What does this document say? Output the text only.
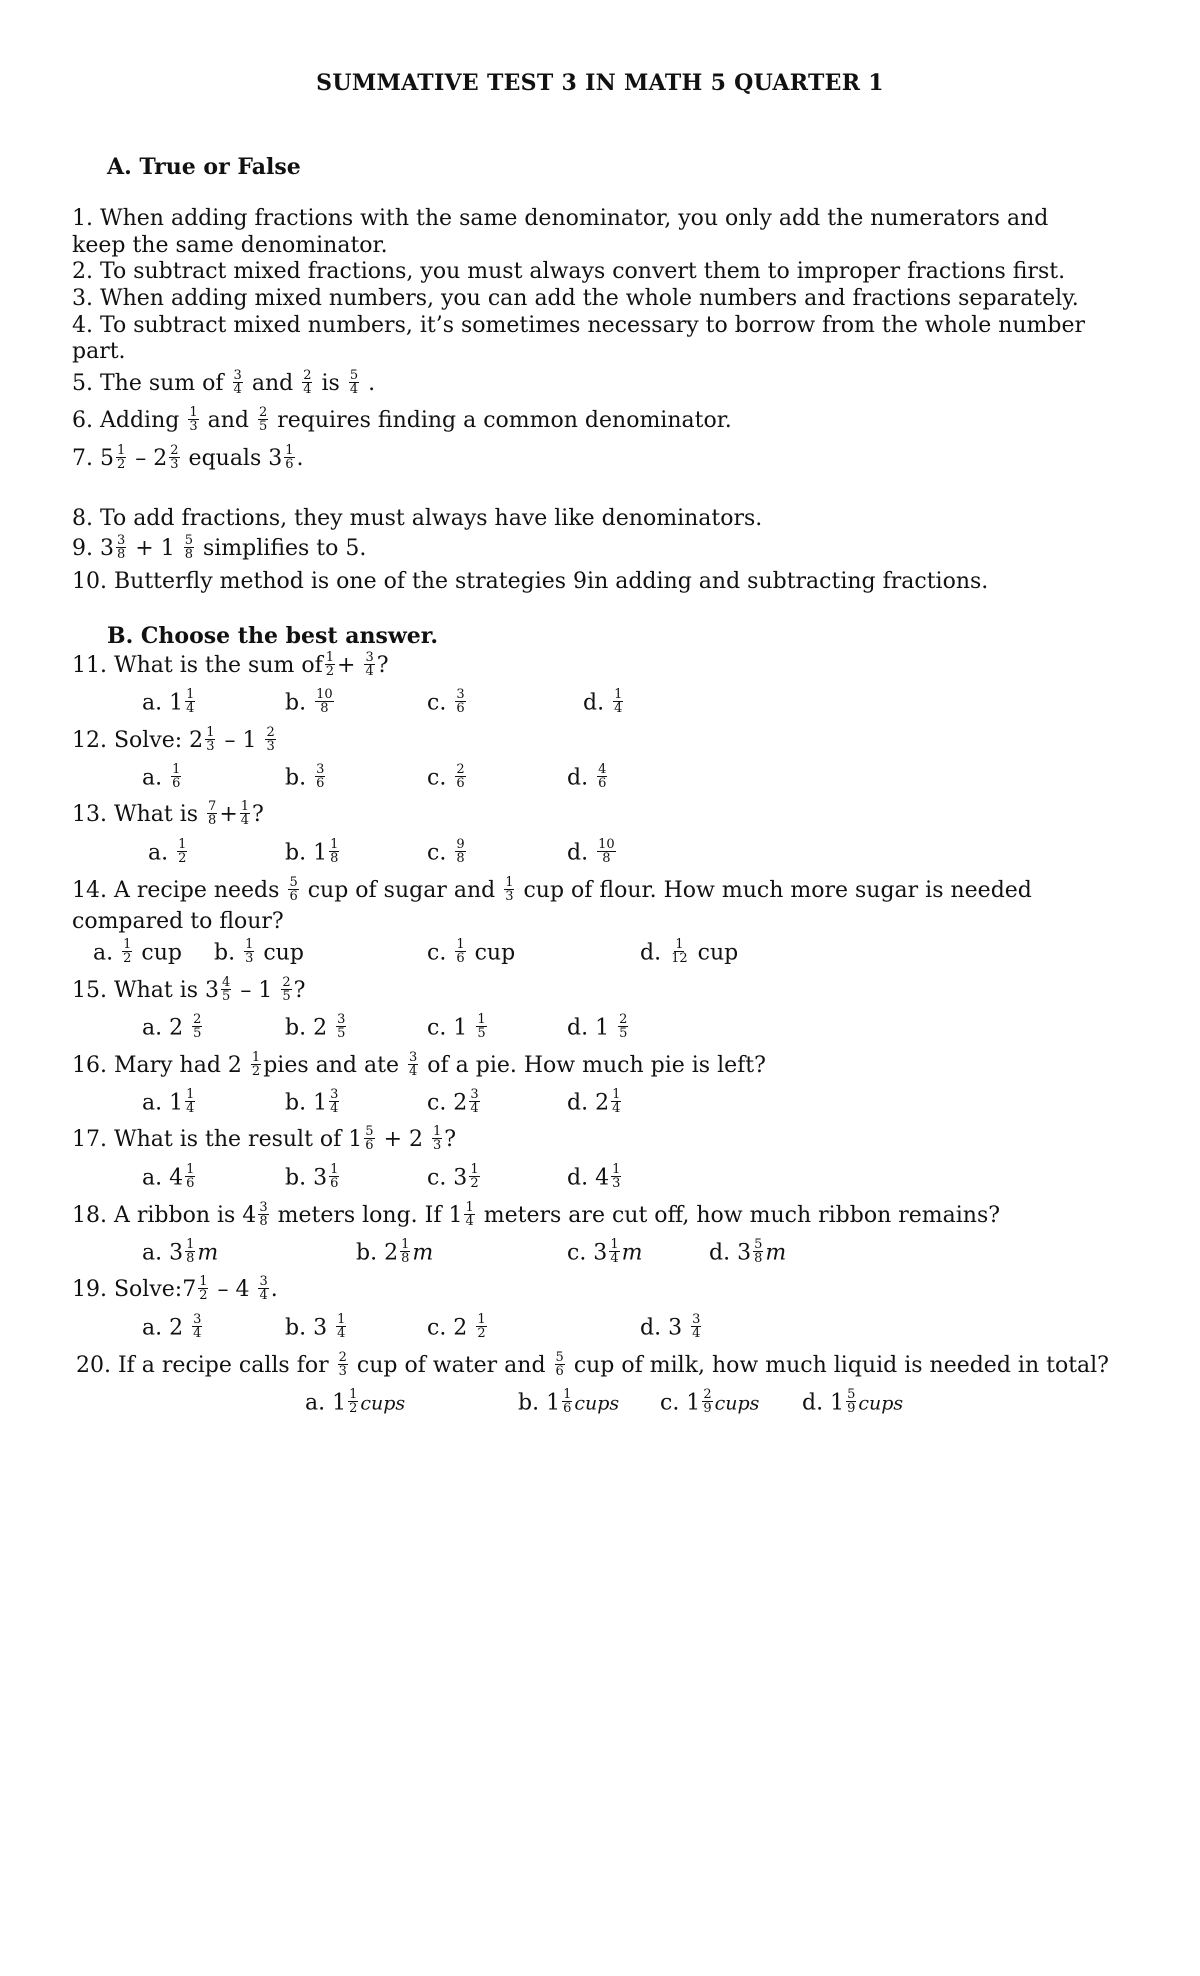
SUMMATIVE TEST 3 IN MATH 5 QUARTER 1
A. True or False
1. When adding fractions with the same denominator, you only add the numerators and
keep the same denominator.
2. To subtract mixed fractions, you must always convert them to improper fractions first.
3. When adding mixed numbers, you can add the whole numbers and fractions separately.
4. To subtract mixed numbers, it’s sometimes necessary to borrow from the whole number
part.
5. The sum of $\frac{3}{4}$ and $\frac{2}{4}$ is $\frac{5}{4}$ .
6. Adding $\frac{1}{3}$ and $\frac{2}{5}$ requires finding a common denominator.
7. $5 \frac{1}{2} - 2 \frac{2}{3}$ equals $3 \frac{1}{6}$ .
8. To add fractions, they must always have like denominators.
9. $3 \frac{3}{8} + 1 \frac{5}{8}$ simplifies to 5.
10. Butterfly method is one of the strategies 9in adding and subtracting fractions.
B. Choose the best answer.
11. What is the sum of $\frac{1}{2} + \frac{3}{4}$ ?
a. $1 \frac{1}{4}$	b. $\frac{10}{8}$	c. $\frac{3}{6}$	d. $\frac{1}{4}$
12. Solve: $2 \frac{1}{3} - 1 \frac{2}{3}$
a. $\frac{1}{6}$	b. $\frac{3}{6}$	c. $\frac{2}{6}$	d. $\frac{4}{6}$
13. What is $\frac{7}{8} + \frac{1}{4}$ ?
a. $\frac{1}{2}$	b. $1 \frac{1}{8}$	c. $\frac{9}{8}$	d. $\frac{10}{8}$
14. A recipe needs $\frac{5}{6}$ cup of sugar and $\frac{1}{3}$ cup of flour. How much more sugar is needed
compared to flour?
a. $\frac{1}{2}$ cup b. $\frac{1}{3}$ cup	c. $\frac{1}{6}$ cup	d. $\frac{1}{12}$ cup
15. What is $3 \frac{4}{5} - 1 \frac{2}{5}$ ?
a. $2 \frac{2}{5}$	b. $2 \frac{3}{5}$	c. $1 \frac{1}{5}$	d. $1 \frac{2}{5}$
16. Mary had $2 \frac{1}{2}$ pies and ate $\frac{3}{4}$ of a pie. How much pie is left?
a. $1 \frac{1}{4}$	b. $1 \frac{3}{4}$	c. $2 \frac{3}{4}$	d. $2 \frac{1}{4}$
17. What is the result of $1 \frac{5}{6} + 2 \frac{1}{3}$ ?
a. $4 \frac{1}{6}$	b. $3 \frac{1}{6}$	c. $3 \frac{1}{2}$	d. $4 \frac{1}{3}$
18. A ribbon is $4 \frac{3}{8}$ meters long. If $1 \frac{1}{4}$ meters are cut off, how much ribbon remains?
a. $3 \frac{1}{8}$ m	b. $2 \frac{1}{8}$ m	c. $3 \frac{1}{4}$ m	d. $3 \frac{5}{8}$ m
19. Solve:7 $\frac{1}{2} - 4 \frac{3}{4}$ .
a. $2 \frac{3}{4}$	b. $3 \frac{1}{4}$	c. $2 \frac{1}{2}$	d. $3 \frac{3}{4}$
20. If a recipe calls for $\frac{2}{3}$ cup of water and $\frac{5}{6}$ cup of milk, how much liquid is needed in total?
a. $1 \frac{1}{2}$ cups	b. $1 \frac{1}{6}$ cups c. $1 \frac{2}{9}$ cups d. $1 \frac{5}{9}$ cups
